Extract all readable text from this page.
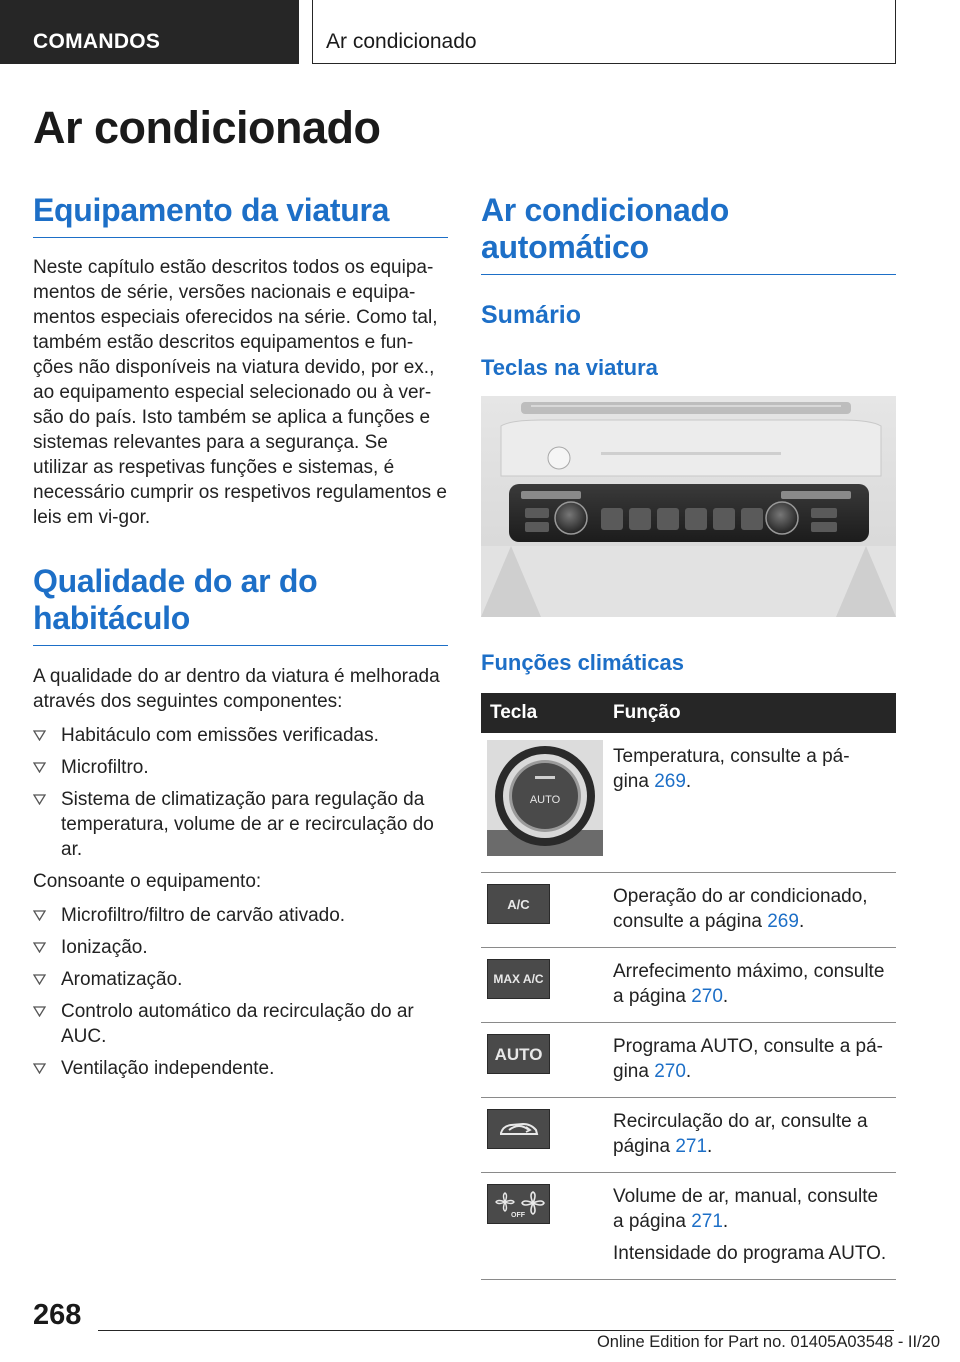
COMANDOS	Ar condicionado
Ar condicionado
Equipamento da viatura

Neste capítulo estão descritos todos os equipa-mentos de série, versões nacionais e equipa-mentos especiais oferecidos na série. Como tal, também estão descritos equipamentos e fun-ções não disponíveis na viatura devido, por ex., ao equipamento especial selecionado ou à ver-são do país. Isto também se aplica a funções e sistemas relevantes para a segurança. Se utilizar as respetivas funções e sistemas, é necessário cumprir os respetivos regulamentos e leis em vi-gor.

Qualidade do ar do
habitáculo

A qualidade do ar dentro da viatura é melhorada através dos seguintes componentes:

Habitáculo com emissões verificadas.
Microfiltro.
Sistema de climatização para regulação da temperatura, volume de ar e recirculação do ar.

Consoante o equipamento:

Microfiltro/filtro de carvão ativado.
Ionização.
Aromatização.
Controlo automático da recirculação do ar AUC.
Ventilação independente.
Ar condicionado
automático
Sumário
Teclas na viatura
Funções climáticas
Tecla	Função

AUTO	Temperatura, consulte a pá-
gina 269.

A/C	Operação do ar condicionado,
consulte a página 269.

MAX A/C	Arrefecimento máximo, consulte
a página 270.

AUTO	Programa AUTO, consulte a pá-
gina 270.

Recirculação do ar, consulte a
página 271.

OFF	Volume de ar, manual, consulte
a página 271.
Intensidade do programa AUTO.
268
Online Edition for Part no. 01405A03548 - II/20
